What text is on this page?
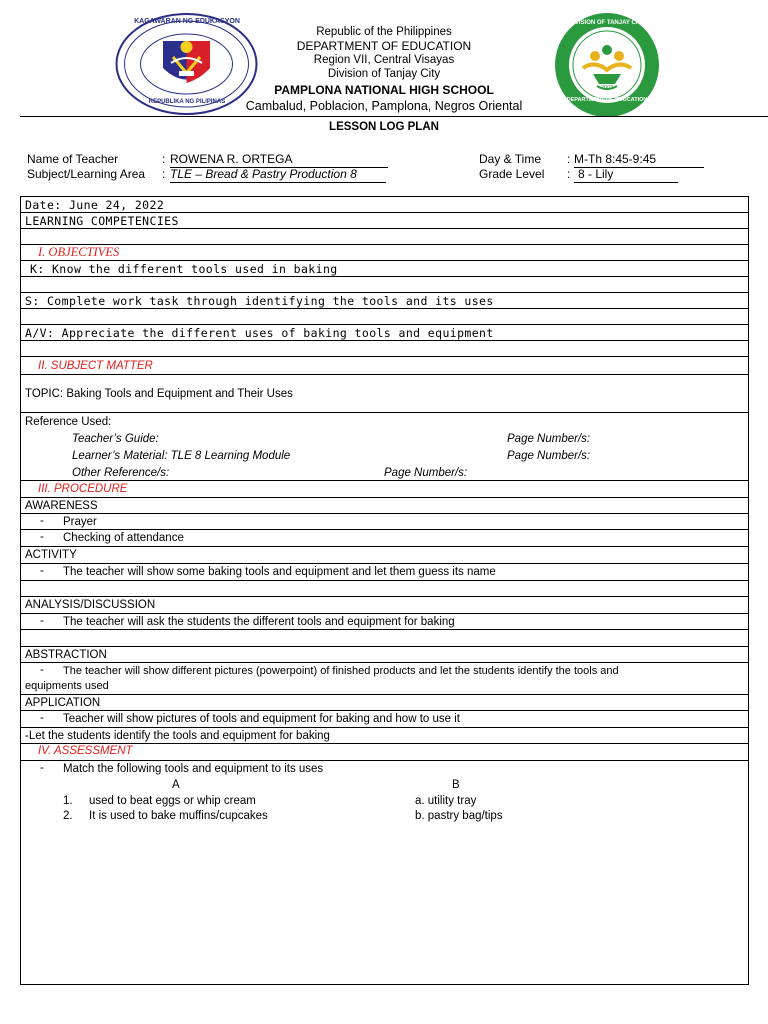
KAGAWARAN NG EDUKASYON
REPUBLIKA NG PILIPINAS
DIVISION OF TANJAY CITY
DEPARTMENT OF EDUCATION
2003
Republic of the Philippines
DEPARTMENT OF EDUCATION
Region VII, Central Visayas
Division of Tanjay City
PAMPLONA NATIONAL HIGH SCHOOL
Cambalud, Poblacion, Pamplona, Negros Oriental
LESSON LOG PLAN
Name of Teacher	: ROWENA R. ORTEGA
Subject/Learning Area : TLE – Bread & Pastry Production 8
Day & Time : M-Th 8:45-9:45
Grade Level : 8 - Lily
Date: June 24, 2022
LEARNING COMPETENCIES
I. OBJECTIVES
K: Know the different tools used in baking
S: Complete work task through identifying the tools and its uses
A/V: Appreciate the different uses of baking tools and equipment
II. SUBJECT MATTER
TOPIC: Baking Tools and Equipment and Their Uses
Reference Used:
Teacher’s Guide:	Page Number/s:
Learner’s Material: TLE 8 Learning Module	Page Number/s:
Other Reference/s:	Page Number/s:
III. PROCEDURE
AWARENESS
- Prayer
- Checking of attendance
ACTIVITY
- The teacher will show some baking tools and equipment and let them guess its name
ANALYSIS/DISCUSSION
- The teacher will ask the students the different tools and equipment for baking
ABSTRACTION
- The teacher will show different pictures (powerpoint) of finished products and let the students identify the tools and
equipments used
APPLICATION
- Teacher will show pictures of tools and equipment for baking and how to use it
-Let the students identify the tools and equipment for baking
IV. ASSESSMENT
- Match the following tools and equipment to its uses
A	B
1. used to beat eggs or whip cream	a. utility tray
2. It is used to bake muffins/cupcakes	b. pastry bag/tips
